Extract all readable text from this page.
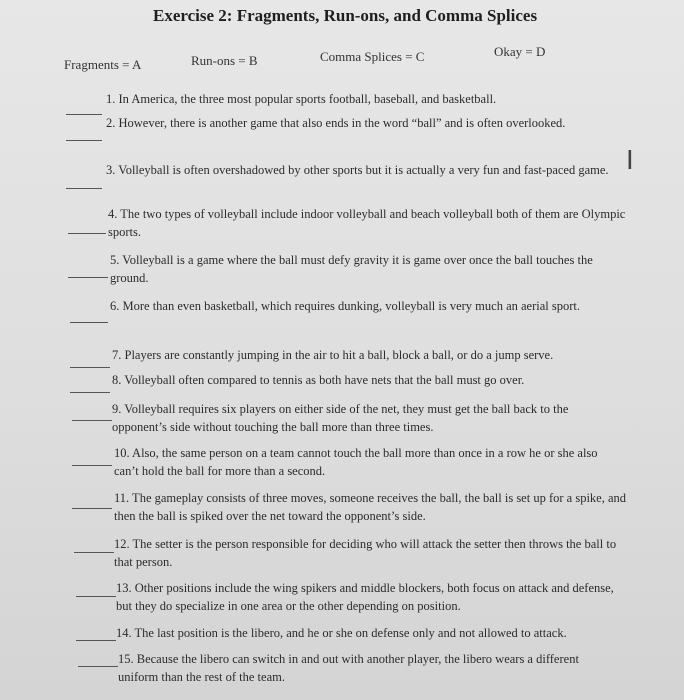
Exercise 2: Fragments, Run-ons, and Comma Splices
Fragments = A	Run-ons = B	Comma Splices = C	Okay = D
I
1. In America, the three most popular sports football, baseball, and basketball.
2. However, there is another game that also ends in the word “ball” and is often overlooked.
3. Volleyball is often overshadowed by other sports but it is actually a very fun and fast-paced game.
4. The two types of volleyball include indoor volleyball and beach volleyball both of them are Olympic sports.
5. Volleyball is a game where the ball must defy gravity it is game over once the ball touches the ground.
6. More than even basketball, which requires dunking, volleyball is very much an aerial sport.
7. Players are constantly jumping in the air to hit a ball, block a ball, or do a jump serve.
8. Volleyball often compared to tennis as both have nets that the ball must go over.
9. Volleyball requires six players on either side of the net, they must get the ball back to the opponent’s side without touching the ball more than three times.
10. Also, the same person on a team cannot touch the ball more than once in a row he or she also can’t hold the ball for more than a second.
11. The gameplay consists of three moves, someone receives the ball, the ball is set up for a spike, and then the ball is spiked over the net toward the opponent’s side.
12. The setter is the person responsible for deciding who will attack the setter then throws the ball to that person.
13. Other positions include the wing spikers and middle blockers, both focus on attack and defense, but they do specialize in one area or the other depending on position.
14. The last position is the libero, and he or she on defense only and not allowed to attack.
15. Because the libero can switch in and out with another player, the libero wears a different uniform than the rest of the team.
